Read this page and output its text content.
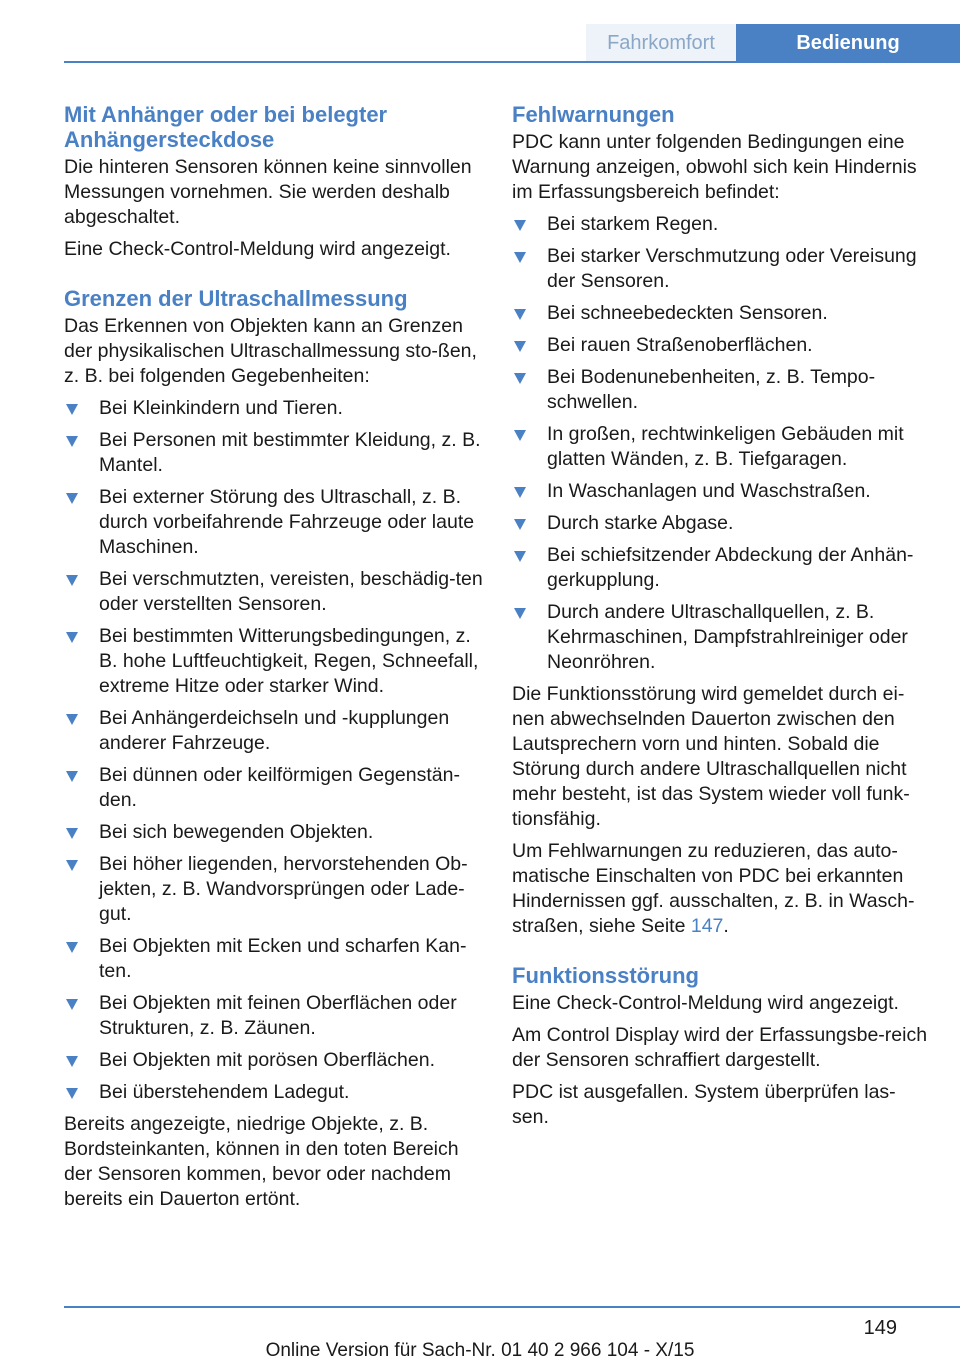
Fahrkomfort	Bedienung
Mit Anhänger oder bei belegter Anhängersteckdose

Die hinteren Sensoren können keine sinnvollen Messungen vornehmen. Sie werden deshalb abgeschaltet.

Eine Check-Control-Meldung wird angezeigt.

Grenzen der Ultraschallmessung

Das Erkennen von Objekten kann an Grenzen der physikalischen Ultraschallmessung sto-ßen, z. B. bei folgenden Gegebenheiten:

Bei Kleinkindern und Tieren.
Bei Personen mit bestimmter Kleidung, z. B. Mantel.
Bei externer Störung des Ultraschall, z. B. durch vorbeifahrende Fahrzeuge oder laute Maschinen.
Bei verschmutzten, vereisten, beschädig-ten oder verstellten Sensoren.
Bei bestimmten Witterungsbedingungen, z. B. hohe Luftfeuchtigkeit, Regen, Schneefall, extreme Hitze oder starker Wind.
Bei Anhängerdeichseln und -kupplungen anderer Fahrzeuge.
Bei dünnen oder keilförmigen Gegenstän-den.
Bei sich bewegenden Objekten.
Bei höher liegenden, hervorstehenden Ob-jekten, z. B. Wandvorsprüngen oder Lade-gut.
Bei Objekten mit Ecken und scharfen Kan-ten.
Bei Objekten mit feinen Oberflächen oder Strukturen, z. B. Zäunen.
Bei Objekten mit porösen Oberflächen.
Bei überstehendem Ladegut.

Bereits angezeigte, niedrige Objekte, z. B. Bordsteinkanten, können in den toten Bereich der Sensoren kommen, bevor oder nachdem bereits ein Dauerton ertönt.

Fehlwarnungen

PDC kann unter folgenden Bedingungen eine Warnung anzeigen, obwohl sich kein Hindernis im Erfassungsbereich befindet:

Bei starkem Regen.
Bei starker Verschmutzung oder Vereisung der Sensoren.
Bei schneebedeckten Sensoren.
Bei rauen Straßenoberflächen.
Bei Bodenunebenheiten, z. B. Tempo-schwellen.
In großen, rechtwinkeligen Gebäuden mit glatten Wänden, z. B. Tiefgaragen.
In Waschanlagen und Waschstraßen.
Durch starke Abgase.
Bei schiefsitzender Abdeckung der Anhän-gerkupplung.
Durch andere Ultraschallquellen, z. B. Kehrmaschinen, Dampfstrahlreiniger oder Neonröhren.

Die Funktionsstörung wird gemeldet durch ei-nen abwechselnden Dauerton zwischen den Lautsprechern vorn und hinten. Sobald die Störung durch andere Ultraschallquellen nicht mehr besteht, ist das System wieder voll funk-tionsfähig.

Um Fehlwarnungen zu reduzieren, das auto-matische Einschalten von PDC bei erkannten Hindernissen ggf. ausschalten, z. B. in Wasch-straßen, siehe Seite 147.

Funktionsstörung

Eine Check-Control-Meldung wird angezeigt.

Am Control Display wird der Erfassungsbe-reich der Sensoren schraffiert dargestellt.

PDC ist ausgefallen. System überprüfen las-sen.

149
Online Version für Sach-Nr. 01 40 2 966 104 - X/15
